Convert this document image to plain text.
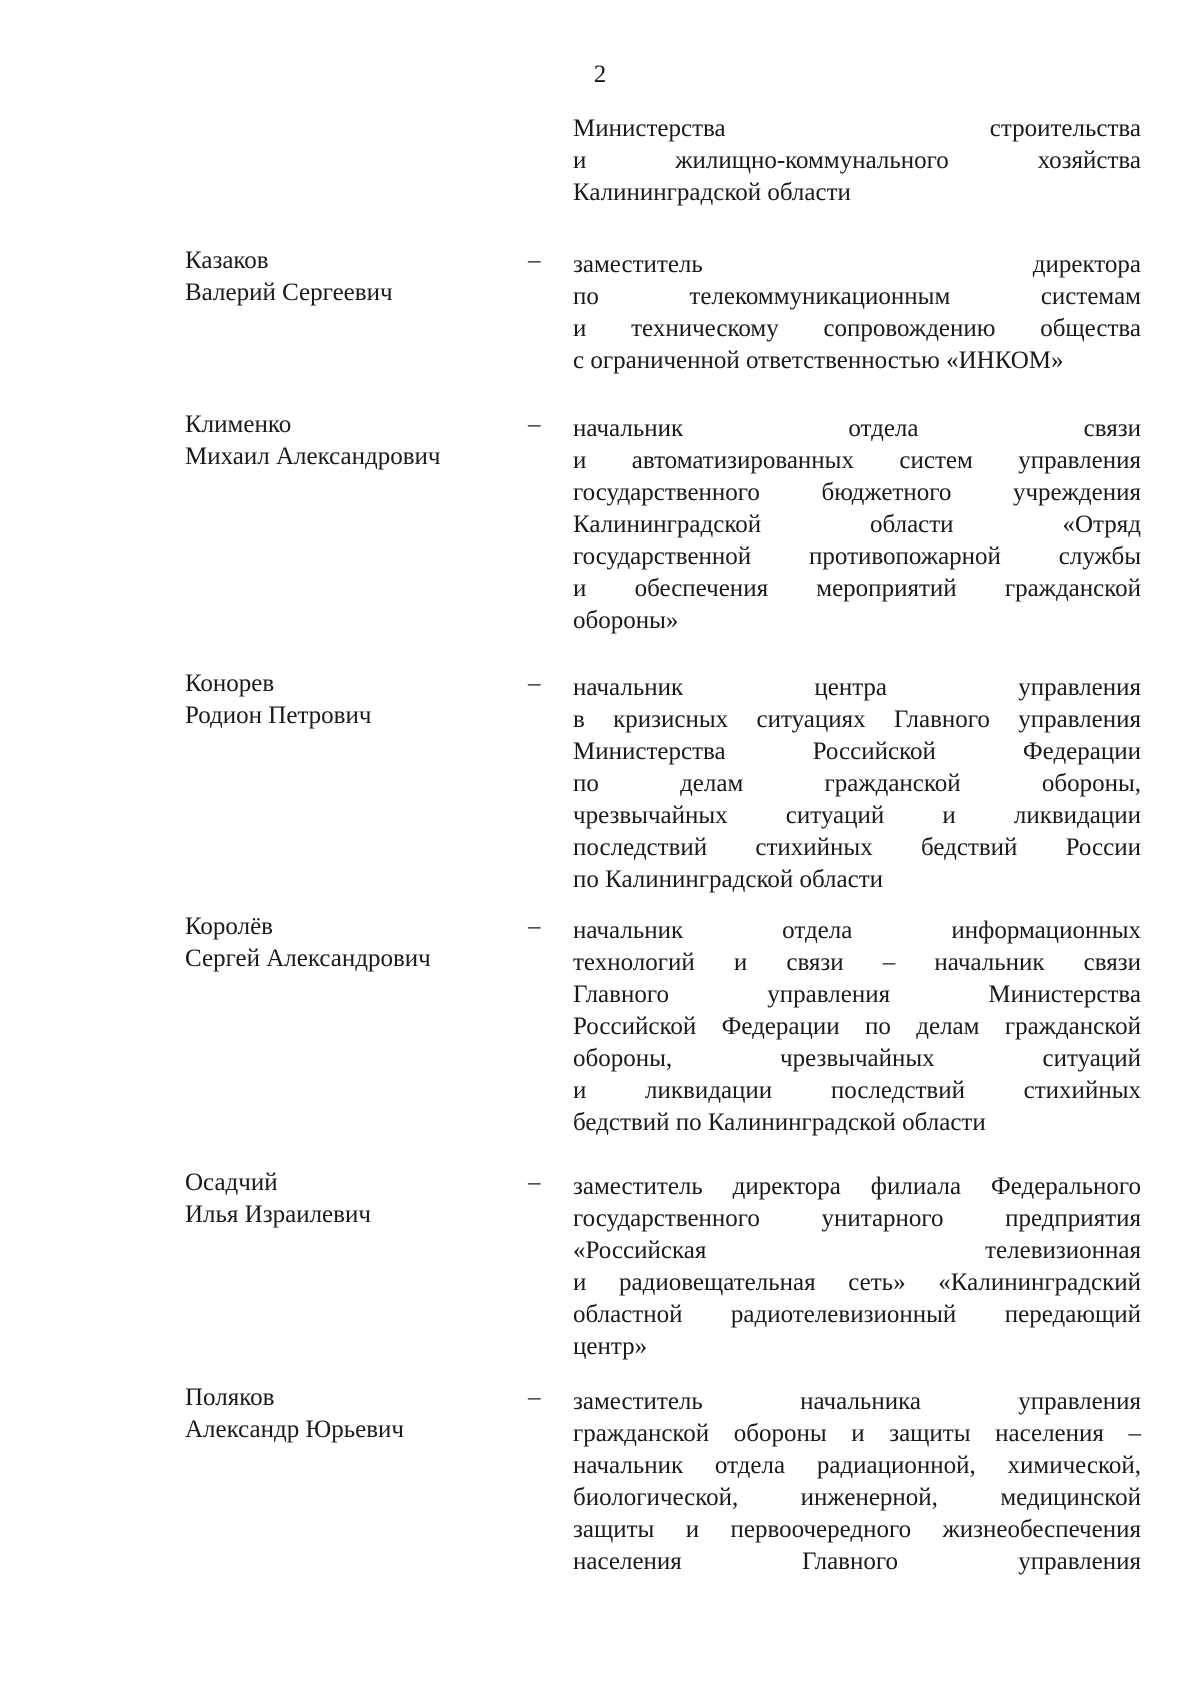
2
Министерства строительства
и жилищно-коммунального хозяйства
Калининградской области
Казаков
Валерий Сергеевич
– заместитель директора
по телекоммуникационным системам
и техническому сопровождению общества
с ограниченной ответственностью «ИНКОМ»
Клименко
Михаил Александрович
– начальник отдела связи
и автоматизированных систем управления
государственного бюджетного учреждения
Калининградской области «Отряд
государственной противопожарной службы
и обеспечения мероприятий гражданской
обороны»
Конорев
Родион Петрович
– начальник центра управления
в кризисных ситуациях Главного управления
Министерства Российской Федерации
по делам гражданской обороны,
чрезвычайных ситуаций и ликвидации
последствий стихийных бедствий России
по Калининградской области
Королёв
Сергей Александрович
– начальник отдела информационных
технологий и связи – начальник связи
Главного управления Министерства
Российской Федерации по делам гражданской
обороны, чрезвычайных ситуаций
и ликвидации последствий стихийных
бедствий по Калининградской области
Осадчий
Илья Израилевич
– заместитель директора филиала Федерального
государственного унитарного предприятия
«Российская телевизионная
и радиовещательная сеть» «Калининградский
областной радиотелевизионный передающий
центр»
Поляков
Александр Юрьевич
– заместитель начальника управления
гражданской обороны и защиты населения –
начальник отдела радиационной, химической,
биологической, инженерной, медицинской
защиты и первоочередного жизнеобеспечения
населения Главного управления
